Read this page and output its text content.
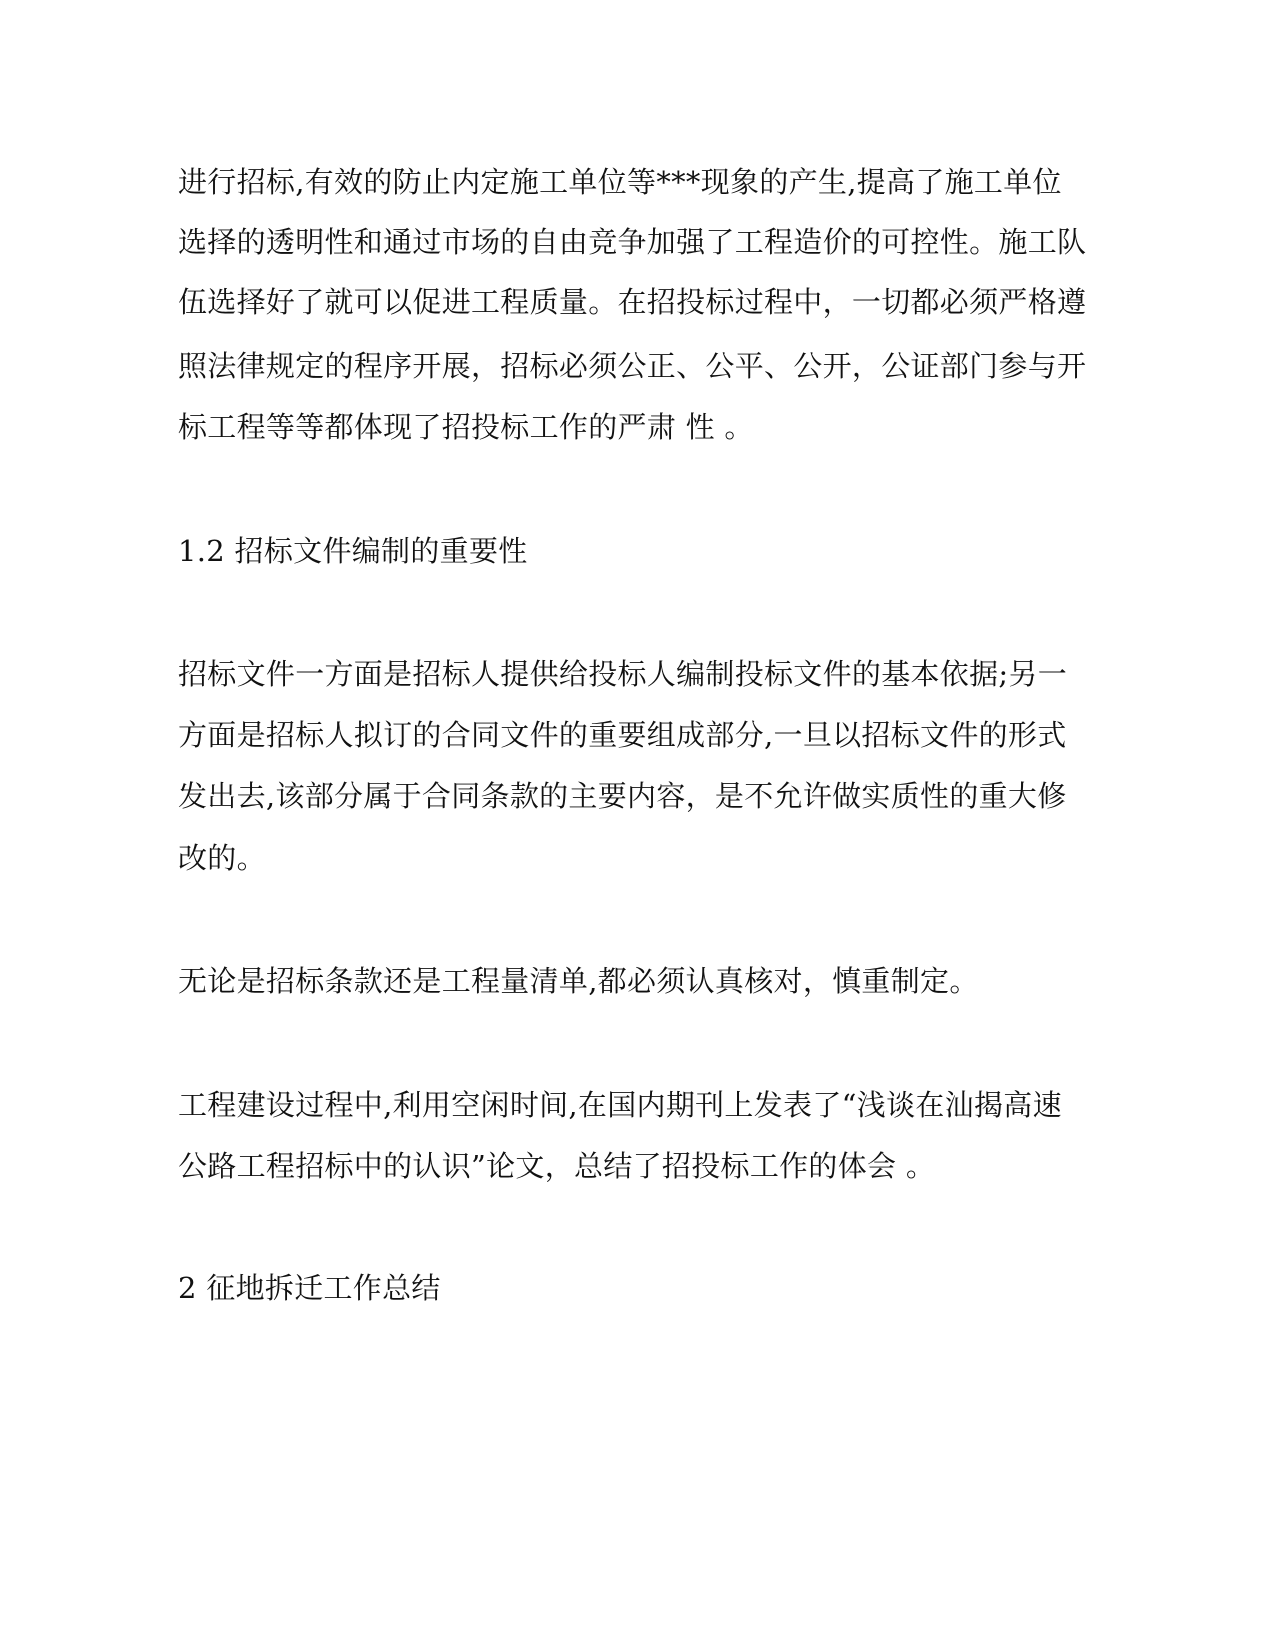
进行招标,有效的防止内定施工单位等***现象的产生,提高了施工单位
选择的透明性和通过市场的自由竞争加强了工程造价的可控性。施工队
伍选择好了就可以促进工程质量。在招投标过程中，一切都必须严格遵
照法律规定的程序开展，招标必须公正、公平、公开，公证部门参与开
标工程等等都体现了招投标工作的严肃 性 。
1.2 招标文件编制的重要性
招标文件一方面是招标人提供给投标人编制投标文件的基本依据;另一
方面是招标人拟订的合同文件的重要组成部分,一旦以招标文件的形式
发出去,该部分属于合同条款的主要内容，是不允许做实质性的重大修
改的。
无论是招标条款还是工程量清单,都必须认真核对，慎重制定。
工程建设过程中,利用空闲时间,在国内期刊上发表了“浅谈在汕揭高速
公路工程招标中的认识”论文，总结了招投标工作的体会 。
2 征地拆迁工作总结
